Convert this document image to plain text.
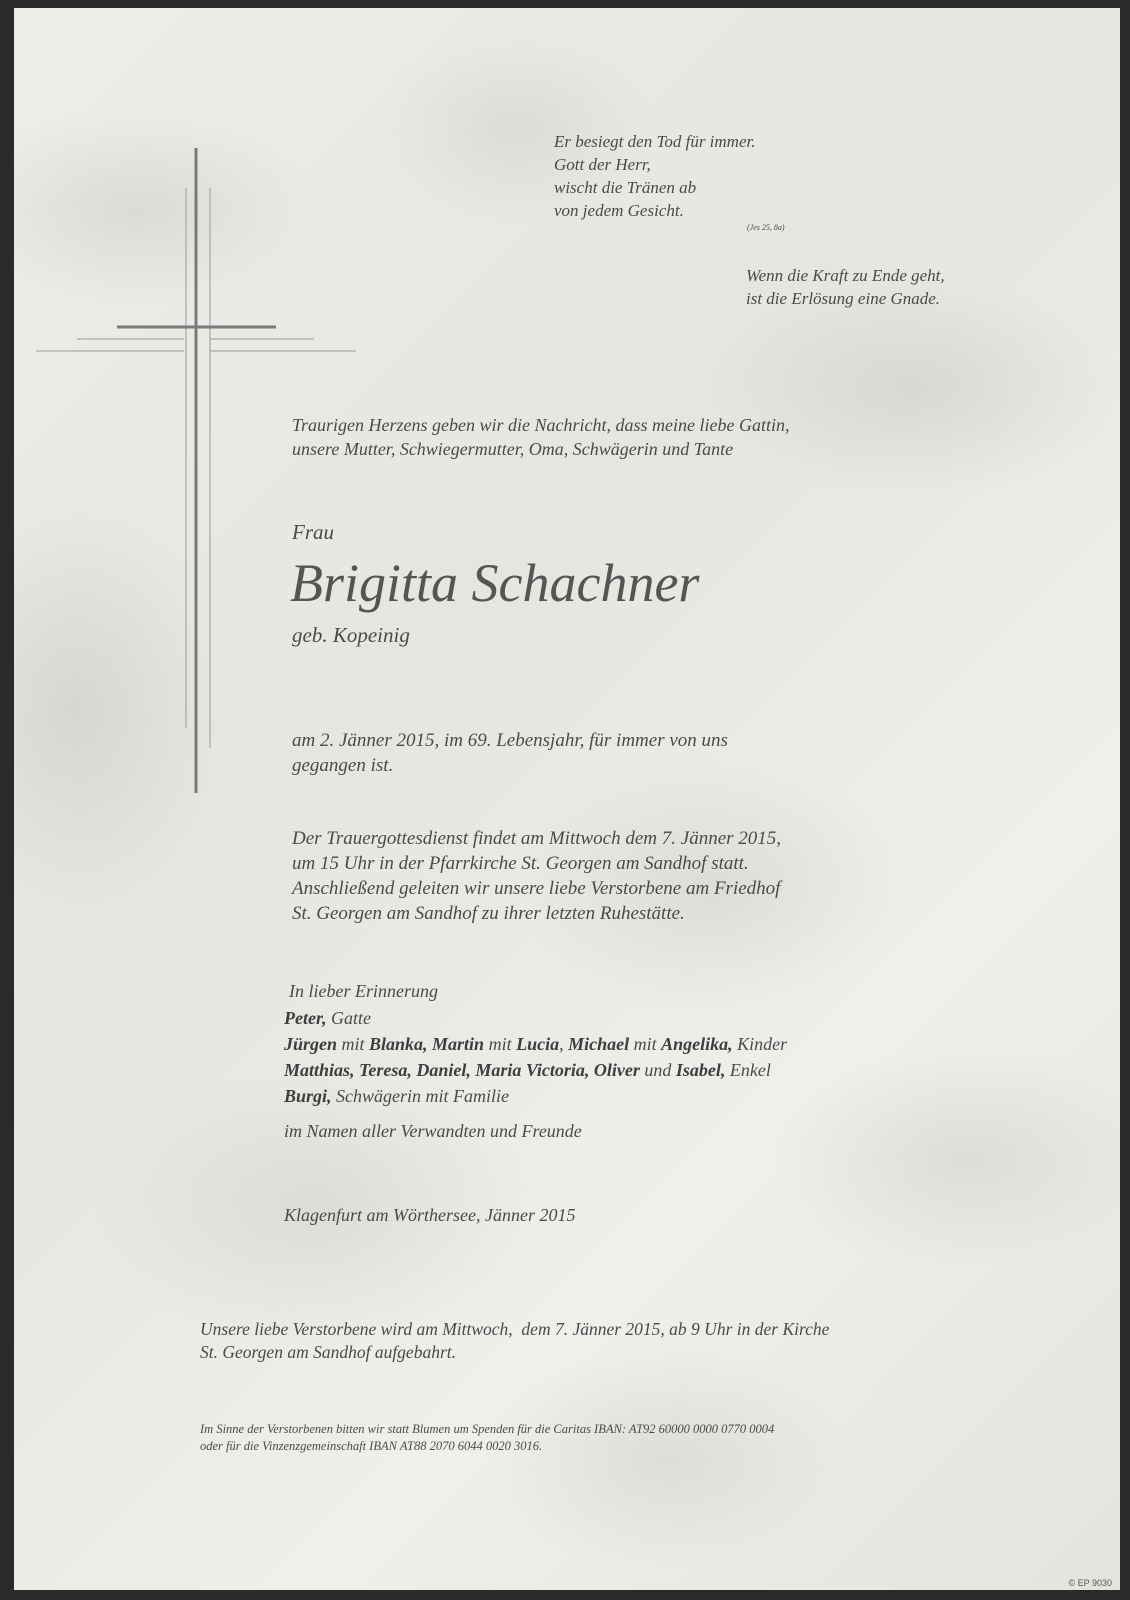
Er besiegt den Tod für immer.
Gott der Herr,
wischt die Tränen ab
von jedem Gesicht.
(Jes 25, 8a)
Wenn die Kraft zu Ende geht,
ist die Erlösung eine Gnade.
Traurigen Herzens geben wir die Nachricht, dass meine liebe Gattin,
unsere Mutter, Schwiegermutter, Oma, Schwägerin und Tante
Frau
Brigitta Schachner
geb. Kopeinig
am 2. Jänner 2015, im 69. Lebensjahr, für immer von uns
gegangen ist.
Der Trauergottesdienst findet am Mittwoch dem 7. Jänner 2015,
um 15 Uhr in der Pfarrkirche St. Georgen am Sandhof statt.
Anschließend geleiten wir unsere liebe Verstorbene am Friedhof
St. Georgen am Sandhof zu ihrer letzten Ruhestätte.
In lieber Erinnerung
Peter, Gatte
Jürgen mit Blanka, Martin mit Lucia, Michael mit Angelika, Kinder
Matthias, Teresa, Daniel, Maria Victoria, Oliver und Isabel, Enkel
Burgi, Schwägerin mit Familie
im Namen aller Verwandten und Freunde
Klagenfurt am Wörthersee, Jänner 2015
Unsere liebe Verstorbene wird am Mittwoch,  dem 7. Jänner 2015, ab 9 Uhr in der Kirche
St. Georgen am Sandhof aufgebahrt.
Im Sinne der Verstorbenen bitten wir statt Blumen um Spenden für die Caritas IBAN: AT92 60000 0000 0770 0004
oder für die Vinzenzgemeinschaft IBAN AT88 2070 6044 0020 3016.
© EP 9030
